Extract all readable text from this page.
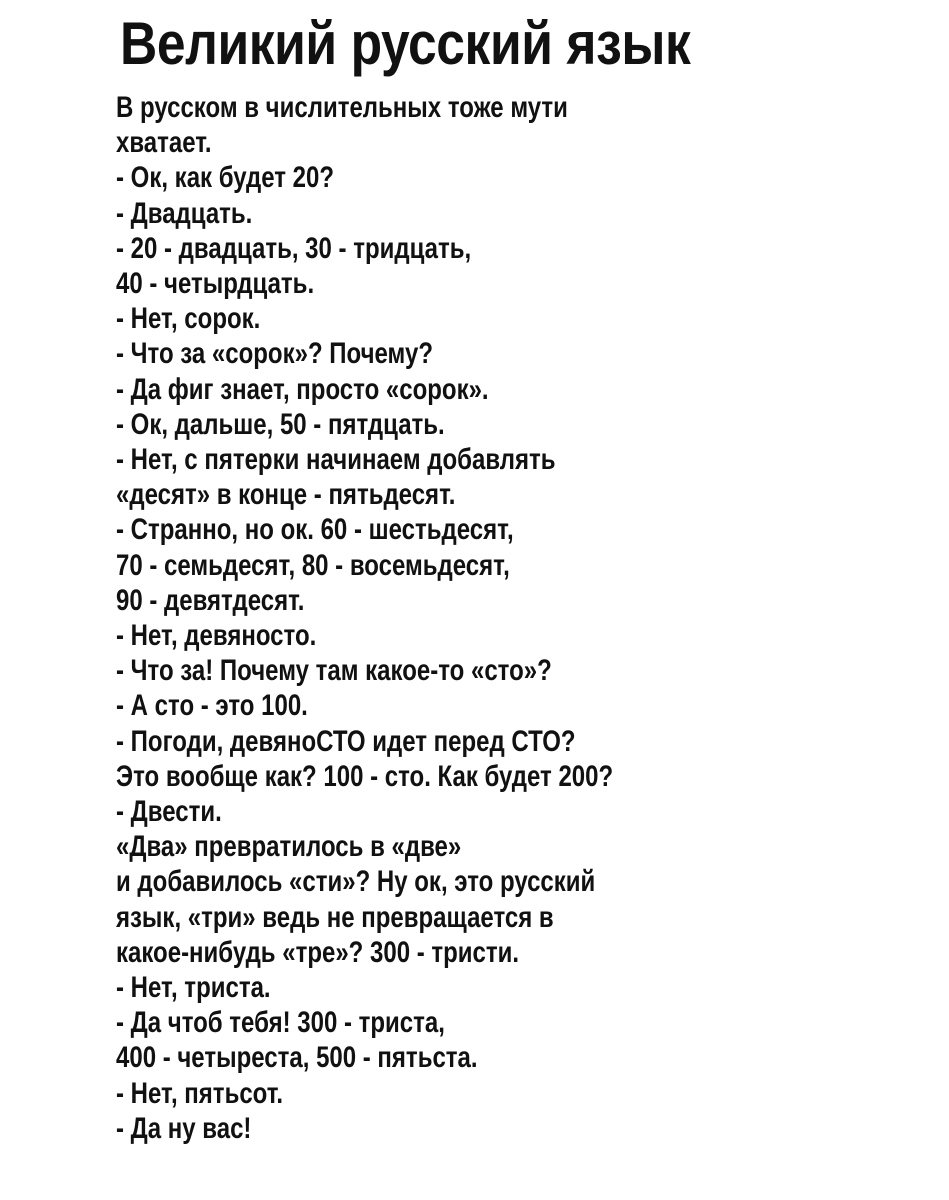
Великий русский язык
В русском в числительных тоже мути
хватает.
- Ок, как будет 20?
- Двадцать.
- 20 - двадцать, 30 - тридцать,
40 - четырдцать.
- Нет, сорок.
- Что за «сорок»? Почему?
- Да фиг знает, просто «сорок».
- Ок, дальше, 50 - пятдцать.
- Нет, с пятерки начинаем добавлять
«десят» в конце - пятьдесят.
- Странно, но ок. 60 - шестьдесят,
70 - семьдесят, 80 - восемьдесят,
90 - девятдесят.
- Нет, девяносто.
- Что за! Почему там какое-то «сто»?
- А сто - это 100.
- Погоди, девяноСТО идет перед СТО?
Это вообще как? 100 - сто. Как будет 200?
- Двести.
«Два» превратилось в «две»
и добавилось «сти»? Ну ок, это русский
язык, «три» ведь не превращается в
какое-нибудь «тре»? 300 - тристи.
- Нет, триста.
- Да чтоб тебя! 300 - триста,
400 - четыреста, 500 - пятьста.
- Нет, пятьсот.
- Да ну вас!
